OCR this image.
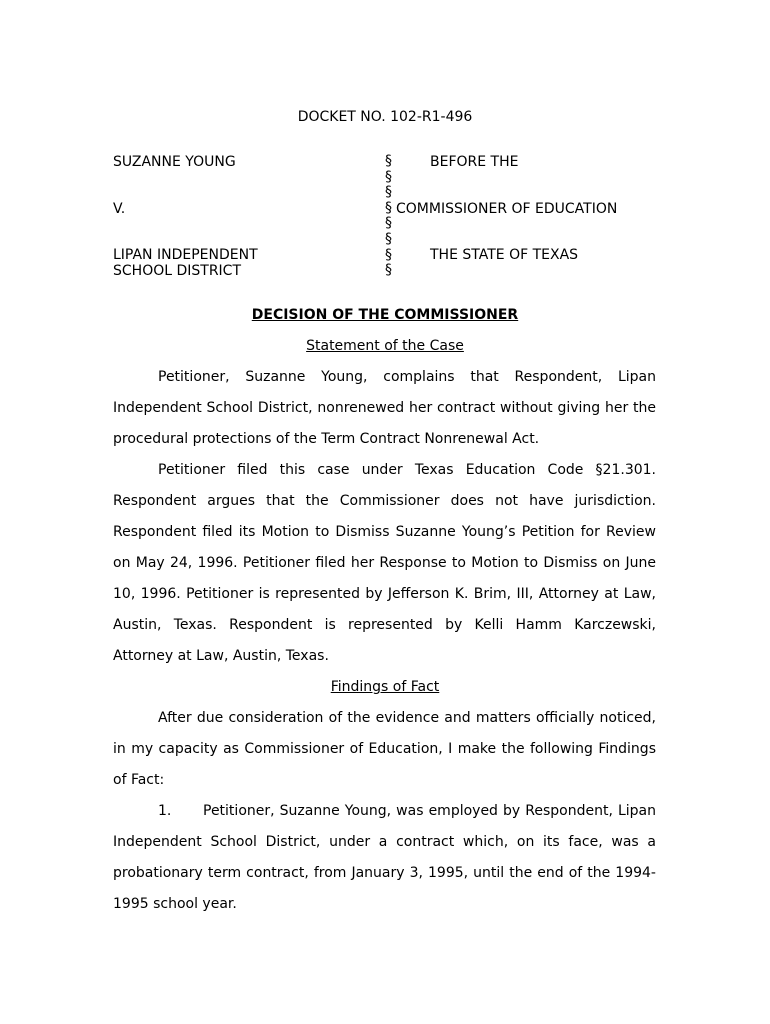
DOCKET NO. 102-R1-496
SUZANNE YOUNG
V.
LIPAN INDEPENDENT
SCHOOL DISTRICT
§
§
§
§
§
§
§
§
BEFORE THE
COMMISSIONER OF EDUCATION
THE STATE OF TEXAS
DECISION OF THE COMMISSIONER
Statement of the Case
Petitioner, Suzanne Young, complains that Respondent, Lipan
Independent School District, nonrenewed her contract without giving her the
procedural protections of the Term Contract Nonrenewal Act.
Petitioner filed this case under Texas Education Code §21.301.
Respondent argues that the Commissioner does not have jurisdiction.
Respondent filed its Motion to Dismiss Suzanne Young’s Petition for Review
on May 24, 1996. Petitioner filed her Response to Motion to Dismiss on June
10, 1996. Petitioner is represented by Jefferson K. Brim, III, Attorney at Law,
Austin, Texas. Respondent is represented by Kelli Hamm Karczewski,
Attorney at Law, Austin, Texas.
Findings of Fact
After due consideration of the evidence and matters officially noticed,
in my capacity as Commissioner of Education, I make the following Findings
of Fact:
1.	Petitioner, Suzanne Young, was employed by Respondent, Lipan
Independent School District, under a contract which, on its face, was a
probationary term contract, from January 3, 1995, until the end of the 1994-
1995 school year.
